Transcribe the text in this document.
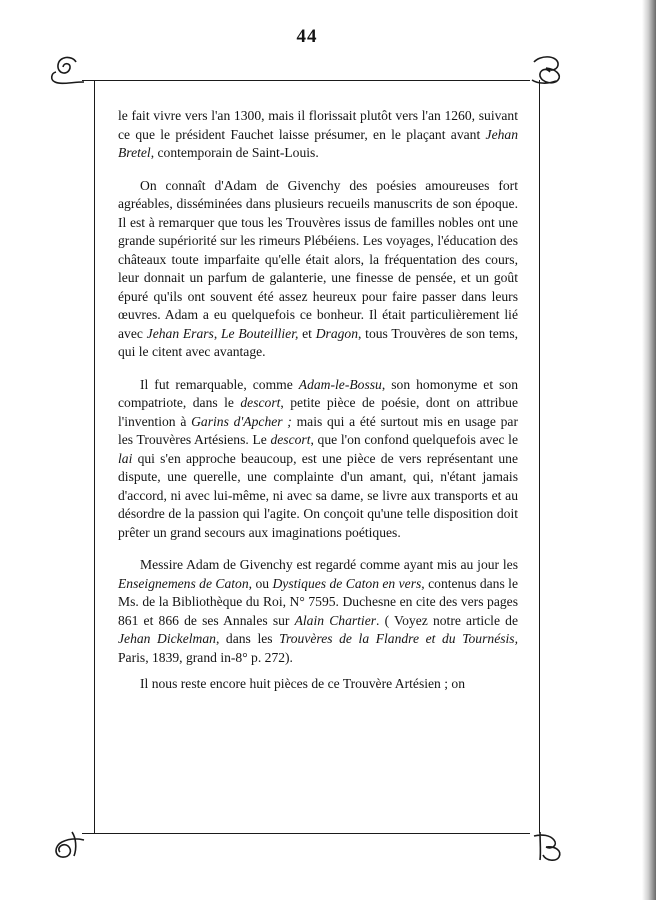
44

le fait vivre vers l'an 1300, mais il florissait plutôt vers l'an 1260, suivant ce que le président Fauchet laisse présumer, en le plaçant avant Jehan Bretel, contemporain de Saint-Louis.

On connaît d'Adam de Givenchy des poésies amoureuses fort agréables, disséminées dans plusieurs recueils manuscrits de son époque. Il est à remarquer que tous les Trouvères issus de familles nobles ont une grande supériorité sur les rimeurs Plébéiens. Les voyages, l'éducation des châteaux toute imparfaite qu'elle était alors, la fréquentation des cours, leur donnait un parfum de galanterie, une finesse de pensée, et un goût épuré qu'ils ont souvent été assez heureux pour faire passer dans leurs œuvres. Adam a eu quelquefois ce bonheur. Il était particulièrement lié avec Jehan Erars, Le Bouteillier, et Dragon, tous Trouvères de son tems, qui le citent avec avantage.

Il fut remarquable, comme Adam-le-Bossu, son homonyme et son compatriote, dans le descort, petite pièce de poésie, dont on attribue l'invention à Garins d'Apcher ; mais qui a été surtout mis en usage par les Trouvères Artésiens. Le descort, que l'on confond quelquefois avec le lai qui s'en approche beaucoup, est une pièce de vers représentant une dispute, une querelle, une complainte d'un amant, qui, n'étant jamais d'accord, ni avec lui-même, ni avec sa dame, se livre aux transports et au désordre de la passion qui l'agite. On conçoit qu'une telle disposition doit prêter un grand secours aux imaginations poétiques.

Messire Adam de Givenchy est regardé comme ayant mis au jour les Enseignemens de Caton, ou Dystiques de Caton en vers, contenus dans le Ms. de la Bibliothèque du Roi, N° 7595. Duchesne en cite des vers pages 861 et 866 de ses Annales sur Alain Chartier. ( Voyez notre article de Jehan Dickelman, dans les Trouvères de la Flandre et du Tournésis, Paris, 1839, grand in-8° p. 272).

Il nous reste encore huit pièces de ce Trouvère Artésien ; on
